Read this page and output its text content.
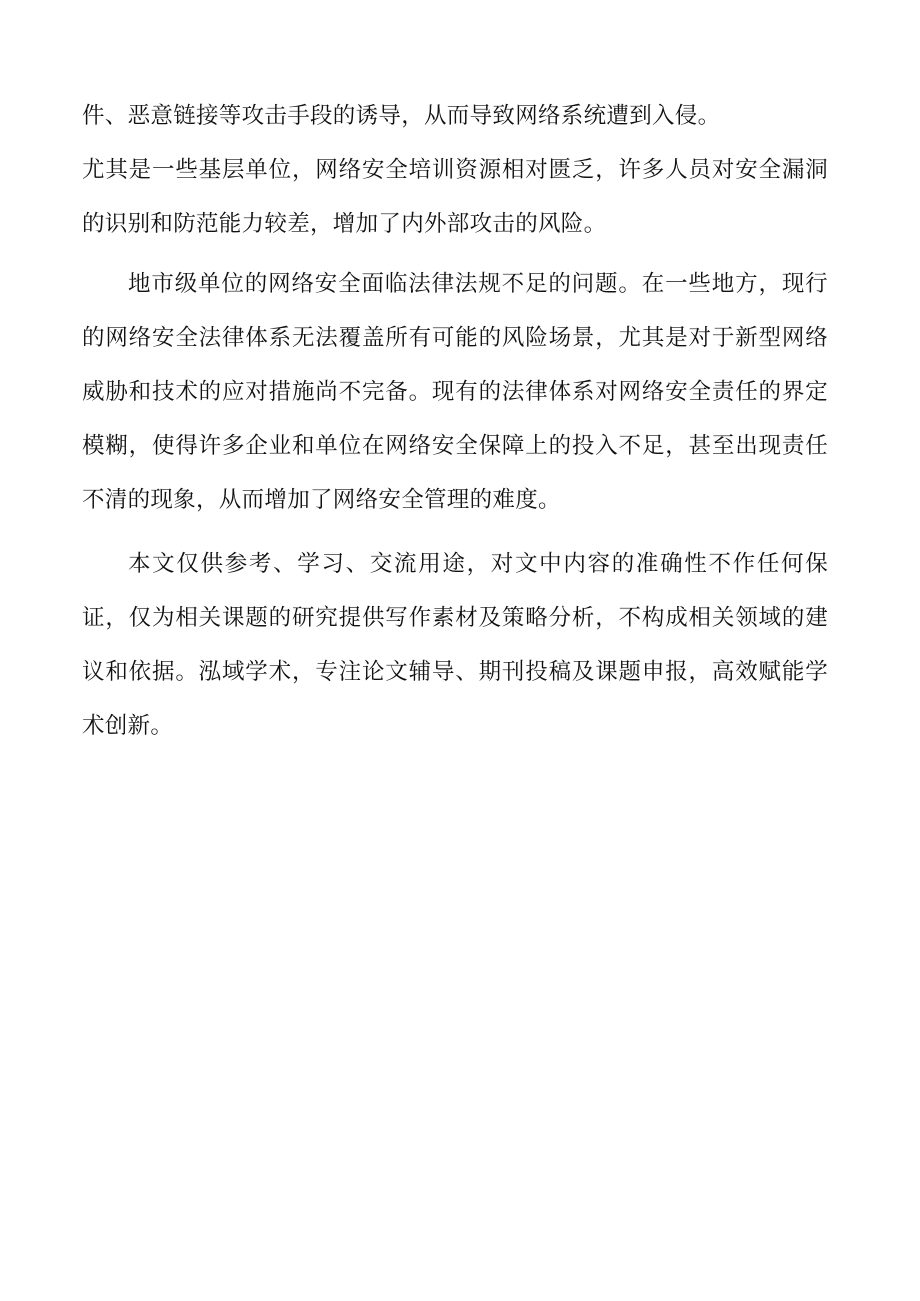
件、恶意链接等攻击手段的诱导，从而导致网络系统遭到入侵。

尤其是一些基层单位，网络安全培训资源相对匮乏，许多人员对安全漏洞的识别和防范能力较差，增加了内外部攻击的风险。

地市级单位的网络安全面临法律法规不足的问题。在一些地方，现行的网络安全法律体系无法覆盖所有可能的风险场景，尤其是对于新型网络威胁和技术的应对措施尚不完备。现有的法律体系对网络安全责任的界定模糊，使得许多企业和单位在网络安全保障上的投入不足，甚至出现责任不清的现象，从而增加了网络安全管理的难度。

本文仅供参考、学习、交流用途，对文中内容的准确性不作任何保证，仅为相关课题的研究提供写作素材及策略分析，不构成相关领域的建议和依据。泓域学术，专注论文辅导、期刊投稿及课题申报，高效赋能学术创新。
